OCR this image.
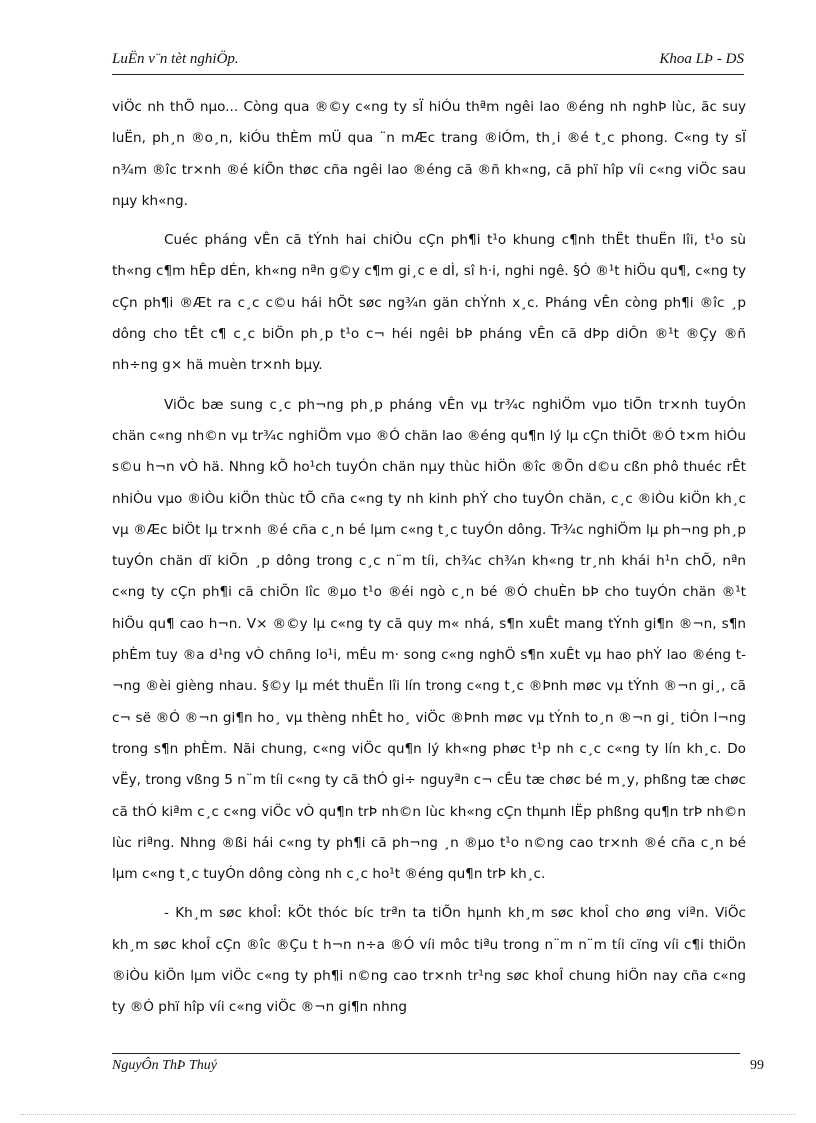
LuËn v¨n tèt nghiÖp.	Khoa LÞ - DS

viÖc nh thÕ nµo... Còng qua ®©y c«ng ty sÏ hiÓu thªm ngêi lao ®éng nh nghÞ lùc, ãc suy luËn, ph¸n ®o¸n, kiÓu thÈm mÜ qua ¨n mÆc trang ®iÓm, th¸i ®é t¸c phong. C«ng ty sÏ n¾m ®îc tr×nh ®é kiÕn thøc cña ngêi lao ®éng cã ®ñ kh«ng, cã phï hîp víi c«ng viÖc sau nµy kh«ng.

Cuéc pháng vÊn cã tÝnh hai chiÒu cÇn ph¶i t¹o khung c¶nh thËt thuËn lîi, t¹o sù th«ng c¶m hÊp dÉn, kh«ng nªn g©y c¶m gi¸c e dÌ, sî h·i, nghi ngê. §Ó ®¹t hiÖu qu¶, c«ng ty cÇn ph¶i ®Æt ra c¸c c©u hái hÕt søc ng¾n gän chÝnh x¸c. Pháng vÊn còng ph¶i ®îc ¸p dông cho tÊt c¶ c¸c biÖn ph¸p t¹o c¬ héi ngêi bÞ pháng vÊn cã dÞp diÔn ®¹t ®Çy ®ñ nh÷ng g× hä muèn tr×nh bµy.

ViÖc bæ sung c¸c ph¬ng ph¸p pháng vÊn vµ tr¾c nghiÖm vµo tiÕn tr×nh tuyÓn chän c«ng nh©n vµ tr¾c nghiÖm vµo ®Ó chän lao ®éng qu¶n lý lµ cÇn thiÕt ®Ó t×m hiÓu s©u h¬n vÒ hä. Nhng kÕ ho¹ch tuyÓn chän nµy thùc hiÖn ®îc ®Õn d©u cßn phô thuéc rÊt nhiÒu vµo ®iÒu kiÖn thùc tÕ cña c«ng ty nh kinh phÝ cho tuyÓn chän, c¸c ®iÒu kiÖn kh¸c vµ ®Æc biÖt lµ tr×nh ®é cña c¸n bé lµm c«ng t¸c tuyÓn dông. Tr¾c nghiÖm lµ ph¬ng ph¸p tuyÓn chän dï kiÕn ¸p dông trong c¸c n¨m tíi, ch¾c ch¾n kh«ng tr¸nh khái h¹n chÕ, nªn c«ng ty cÇn ph¶i cã chiÕn lîc ®µo t¹o ®éi ngò c¸n bé ®Ó chuÈn bÞ cho tuyÓn chän ®¹t hiÖu qu¶ cao h¬n. V× ®©y lµ c«ng ty cã quy m« nhá, s¶n xuÊt mang tÝnh gi¶n ®¬n, s¶n phÈm tuy ®a d¹ng vÒ chñng lo¹i, mÉu m· song c«ng nghÖ s¶n xuÊt vµ hao phÝ lao ®éng t¬ng ®èi gièng nhau. §©y lµ mét thuËn lîi lín trong c«ng t¸c ®Þnh møc vµ tÝnh ®¬n gi¸, cã c¬ së ®Ó ®¬n gi¶n ho¸ vµ thèng nhÊt ho¸ viÖc ®Þnh møc vµ tÝnh to¸n ®¬n gi¸ tiÒn l¬ng trong s¶n phÈm. Nãi chung, c«ng viÖc qu¶n lý kh«ng phøc t¹p nh c¸c c«ng ty lín kh¸c. Do vËy, trong vßng 5 n¨m tíi c«ng ty cã thÓ gi÷ nguyªn c¬ cÊu tæ chøc bé m¸y, phßng tæ chøc cã thÓ kiªm c¸c c«ng viÖc vÒ qu¶n trÞ nh©n lùc kh«ng cÇn thµnh lËp phßng qu¶n trÞ nh©n lùc riªng. Nhng ®ßi hái c«ng ty ph¶i cã ph¬ng ¸n ®µo t¹o n©ng cao tr×nh ®é cña c¸n bé lµm c«ng t¸c tuyÓn dông còng nh c¸c ho¹t ®éng qu¶n trÞ kh¸c.

- Kh¸m søc khoÎ: kÕt thóc bíc trªn ta tiÕn hµnh kh¸m søc khoÎ cho øng viªn. ViÖc kh¸m søc khoÎ cÇn ®îc ®Çu t h¬n n÷a ®Ó víi môc tiªu trong n¨m n¨m tíi cïng víi c¶i thiÖn ®iÒu kiÖn lµm viÖc c«ng ty ph¶i n©ng cao tr×nh tr¹ng søc khoÎ chung hiÖn nay cña c«ng ty ®Ó phï hîp víi c«ng viÖc ®¬n gi¶n nhng

NguyÔn ThÞ Thuý	99
